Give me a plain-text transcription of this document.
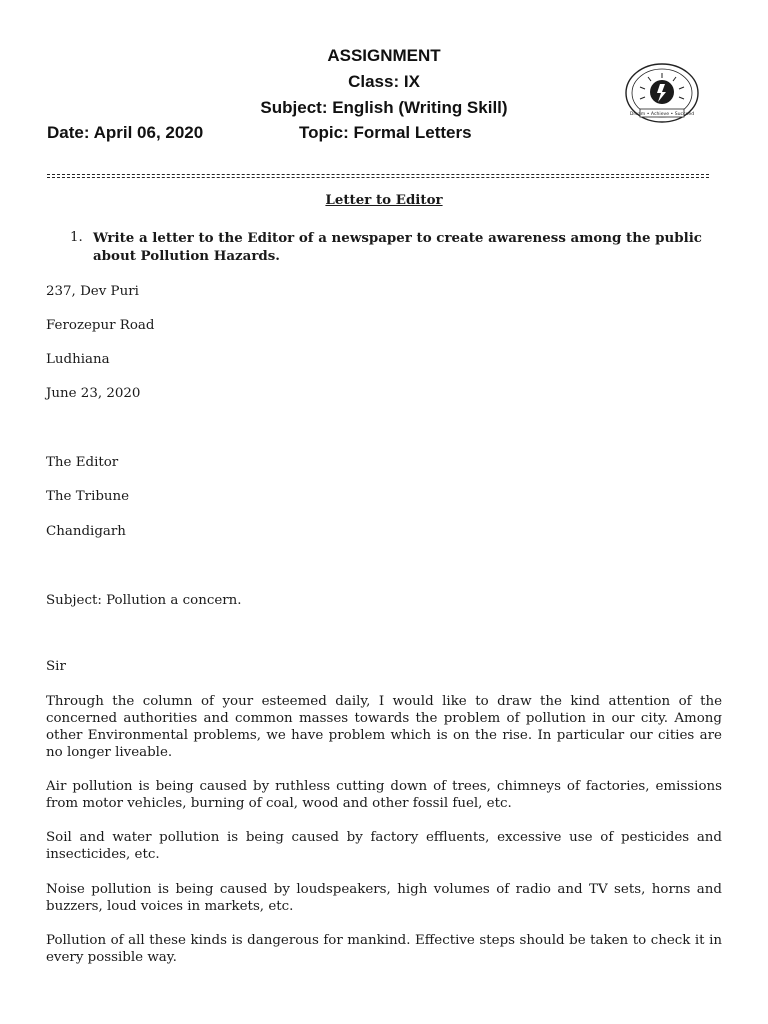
ASSIGNMENT
Class: IX
Subject: English (Writing Skill)
Date: April 06, 2020	Topic: Formal Letters
Dream • Achieve • Succeed
Letter to Editor
1. Write a letter to the Editor of a newspaper to create awareness among the public about Pollution Hazards.
237, Dev Puri
Ferozepur Road
Ludhiana
June 23, 2020
The Editor
The Tribune
Chandigarh
Subject: Pollution a concern.
Sir
Through the column of your esteemed daily, I would like to draw the kind attention of the concerned authorities and common masses towards the problem of pollution in our city. Among other Environmental problems, we have problem which is on the rise. In particular our cities are no longer liveable.
Air pollution is being caused by ruthless cutting down of trees, chimneys of factories, emissions from motor vehicles, burning of coal, wood and other fossil fuel, etc.
Soil and water pollution is being caused by factory effluents, excessive use of pesticides and insecticides, etc.
Noise pollution is being caused by loudspeakers, high volumes of radio and TV sets, horns and buzzers, loud voices in markets, etc.
Pollution of all these kinds is dangerous for mankind. Effective steps should be taken to check it in every possible way.
